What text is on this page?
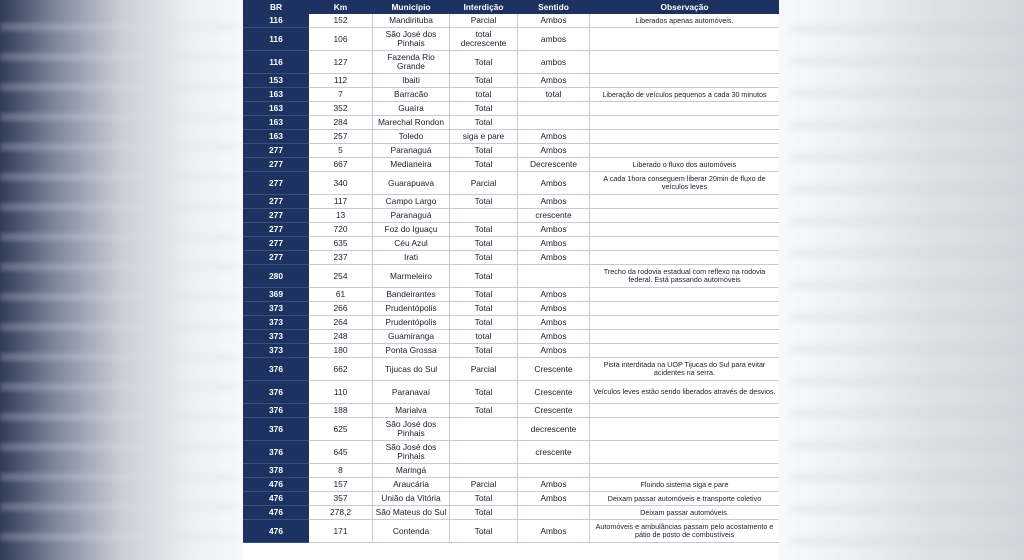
BR	Km	Município	Interdição	Sentido	Observação
116	152	Mandirituba	Parcial	Ambos	Liberados apenas automóveis.
116	106	São José dos Pinhais	total decrescente	ambos	
116	127	Fazenda Rio Grande	Total	ambos	
153	112	Ibaiti	Total	Ambos	
163	7	Barracão	total	total	Liberação de veículos pequenos a cada 30 minutos
163	352	Guaíra	Total		
163	284	Marechal Rondon	Total		
163	257	Toledo	siga e pare	Ambos	
277	5	Paranaguá	Total	Ambos	
277	667	Medianeira	Total	Decrescente	Liberado o fluxo dos automóveis
277	340	Guarapuava	Parcial	Ambos	A cada 1hora conseguem liberar 20min de fluxo de veículos leves
277	117	Campo Largo	Total	Ambos	
277	13	Paranaguá		crescente	
277	720	Foz do Iguaçu	Total	Ambos	
277	635	Céu Azul	Total	Ambos	
277	237	Irati	Total	Ambos	
280	254	Marmeleiro	Total		Trecho da rodovia estadual com reflexo na rodovia federal. Está passando automóveis
369	61	Bandeirantes	Total	Ambos	
373	266	Prudentópolis	Total	Ambos	
373	264	Prudentópolis	Total	Ambos	
373	248	Guamiranga	total	Ambos	
373	180	Ponta Grossa	Total	Ambos	
376	662	Tijucas do Sul	Parcial	Crescente	Pista interditada na UOP Tijucas do Sul para evitar acidentes na serra.
376	110	Paranavaí	Total	Crescente	Veículos leves estão sendo liberados através de desvios.
376	188	Marialva	Total	Crescente	
376	625	São José dos Pinhais		decrescente	
376	645	São José dos Pinhais		crescente	
378	8	Maringá			
476	157	Araucária	Parcial	Ambos	Fluindo sistema siga e pare
476	357	União da Vitória	Total	Ambos	Deixam passar automóveis e transporte coletivo
476	278,2	São Mateus do Sul	Total		Deixam passar automóveis.
476	171	Contenda	Total	Ambos	Automóveis e ambulâncias passam pelo acostamento e pátio de posto de combustíveis
